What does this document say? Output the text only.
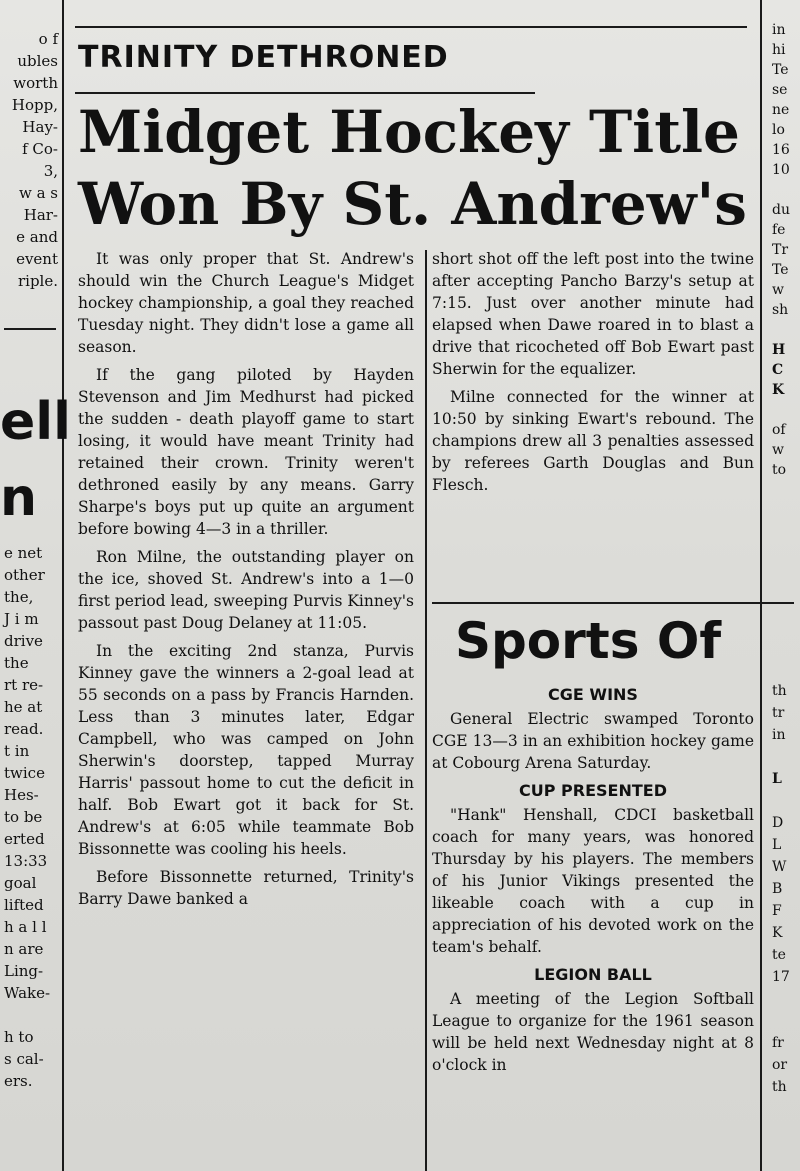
o f
ubles
worth
Hopp,
Hay-
f Co-
3,
w a s
Har-
e and
event
riple.
ell
n
e net
other
the,
J i m
drive
the
rt re-
he at
read.
t in
twice
Hes-
to be
erted
13:33
goal
lifted
h a l l
n are
Ling-
Wake-

h to
s cal-
ers.
TRINITY DETHRONED
Midget Hockey Title Won By St. Andrew's

It was only proper that St. Andrew's should win the Church League's Midget hockey championship, a goal they reached Tuesday night. They didn't lose a game all season.

If the gang piloted by Hayden Stevenson and Jim Medhurst had picked the sudden - death playoff game to start losing, it would have meant Trinity had retained their crown. Trinity weren't dethroned easily by any means. Garry Sharpe's boys put up quite an argument before bowing 4—3 in a thriller.

Ron Milne, the outstanding player on the ice, shoved St. Andrew's into a 1—0 first period lead, sweeping Purvis Kinney's passout past Doug Delaney at 11:05.

In the exciting 2nd stanza, Purvis Kinney gave the winners a 2-goal lead at 55 seconds on a pass by Francis Harnden. Less than 3 minutes later, Edgar Campbell, who was camped on John Sherwin's doorstep, tapped Murray Harris' passout home to cut the deficit in half. Bob Ewart got it back for St. Andrew's at 6:05 while teammate Bob Bissonnette was cooling his heels.

Before Bissonnette returned, Trinity's Barry Dawe banked a

short shot off the left post into the twine after accepting Pancho Barzy's setup at 7:15. Just over another minute had elapsed when Dawe roared in to blast a drive that ricocheted off Bob Ewart past Sherwin for the equalizer.

Milne connected for the winner at 10:50 by sinking Ewart's rebound. The champions drew all 3 penalties assessed by referees Garth Douglas and Bun Flesch.

Sports Of
CGE WINS

General Electric swamped Toronto CGE 13—3 in an exhibition hockey game at Cobourg Arena Saturday.

CUP PRESENTED

"Hank" Henshall, CDCI basketball coach for many years, was honored Thursday by his players. The members of his Junior Vikings presented the likeable coach with a cup in appreciation of his devoted work on the team's behalf.

LEGION BALL

A meeting of the Legion Softball League to organize for the 1961 season will be held next Wednesday night at 8 o'clock in

in
hi
Te
se
ne
lo
16
10

du
fe
Tr
Te
w
sh

H
C
K

of
w
to
th
tr
in

L

D
L
W
B
F
K
te
17

fr
or
th
